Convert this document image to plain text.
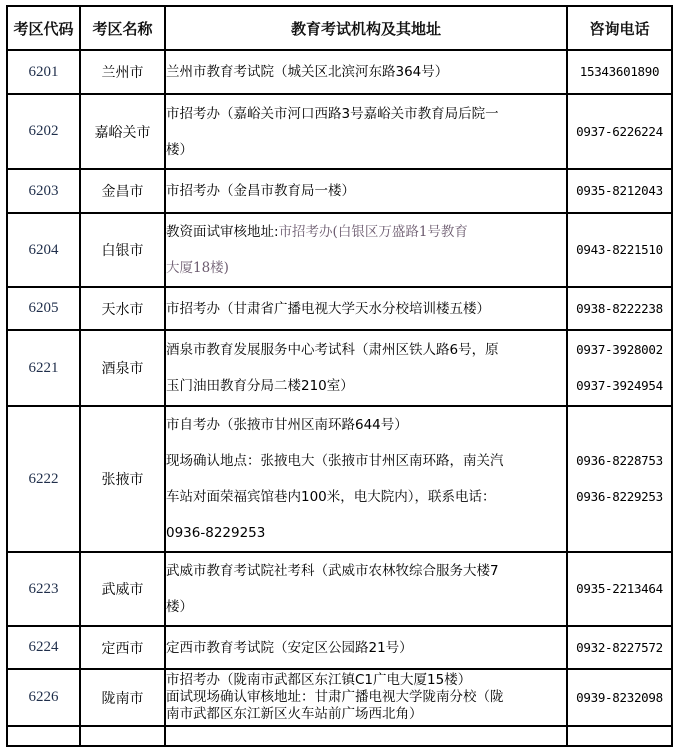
考区代码	考区名称	教育考试机构及其地址	咨询电话
6201	兰州市	兰州市教育考试院（城关区北滨河东路364号）	15343601890

6202	嘉峪关市	市招考办（嘉峪关市河口西路3号嘉峪关市教育局后院一
楼）	0937-6226224

6203	金昌市	市招考办（金昌市教育局一楼）	0935-8212043

6204	白银市	教资面试审核地址:市招考办(白银区万盛路1号教育
大厦18楼)	0943-8221510

6205	天水市	市招考办（甘肃省广播电视大学天水分校培训楼五楼）	0938-8222238

6221	酒泉市	酒泉市教育发展服务中心考试科（肃州区铁人路6号，原
玉门油田教育分局二楼210室）	0937-3928002
0937-3924954

6222	张掖市	市自考办（张掖市甘州区南环路644号）
现场确认地点：张掖电大（张掖市甘州区南环路，南关汽
车站对面荣福宾馆巷内100米，电大院内），联系电话：
0936-8229253	0936-8228753
0936-8229253

6223	武威市	武威市教育考试院社考科（武威市农林牧综合服务大楼7
楼）	0935-2213464

6224	定西市	定西市教育考试院（安定区公园路21号）	0932-8227572

6226	陇南市	市招考办（陇南市武都区东江镇C1广电大厦15楼）
面试现场确认审核地址：甘肃广播电视大学陇南分校（陇
南市武都区东江新区火车站前广场西北角）	0939-8232098
